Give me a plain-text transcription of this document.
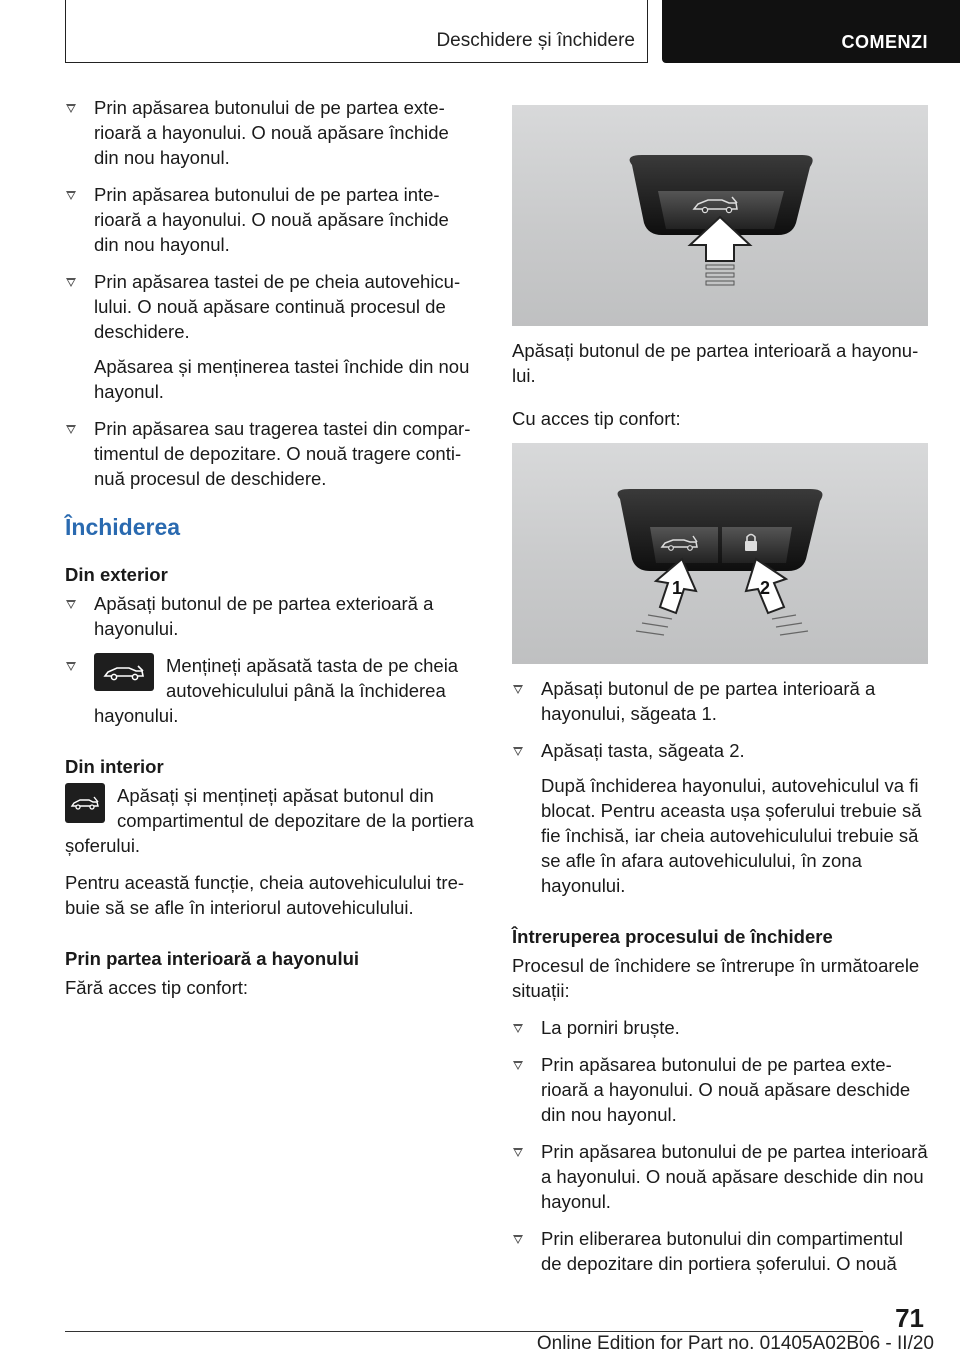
Deschidere și închidere	COMENZI
Prin apăsarea butonului de pe partea exterioară a hayonului. O nouă apăsare închide din nou hayonul.
Prin apăsarea butonului de pe partea interioară a hayonului. O nouă apăsare închide din nou hayonul.
Prin apăsarea tastei de pe cheia autovehiculului. O nouă apăsare continuă procesul de deschidere.
Apăsarea și menținerea tastei închide din nou hayonul.
Prin apăsarea sau tragerea tastei din compartimentul de depozitare. O nouă tragere continuă procesul de deschidere.
Închiderea
Din exterior
Apăsați butonul de pe partea exterioară a hayonului.
Mențineți apăsată tasta de pe cheia autovehiculului până la închiderea hayonului.
Din interior
Apăsați și mențineți apăsat butonul din compartimentul de depozitare de la portiera șoferului.
Pentru această funcție, cheia autovehiculului trebuie să se afle în interiorul autovehiculului.
Prin partea interioară a hayonului
Fără acces tip confort:
Apăsați butonul de pe partea interioară a hayonului.
Cu acces tip confort:
1	2
Apăsați butonul de pe partea interioară a hayonului, săgeata 1.
Apăsați tasta, săgeata 2.
După închiderea hayonului, autovehiculul va fi blocat. Pentru aceasta ușa șoferului trebuie să fie închisă, iar cheia autovehiculului trebuie să se afle în afara autovehiculului, în zona hayonului.
Întreruperea procesului de închidere
Procesul de închidere se întrerupe în următoarele situații:
La porniri bruște.
Prin apăsarea butonului de pe partea exterioară a hayonului. O nouă apăsare deschide din nou hayonul.
Prin apăsarea butonului de pe partea interioară a hayonului. O nouă apăsare deschide din nou hayonul.
Prin eliberarea butonului din compartimentul de depozitare din portiera șoferului. O nouă
71
Online Edition for Part no. 01405A02B06 - II/20
